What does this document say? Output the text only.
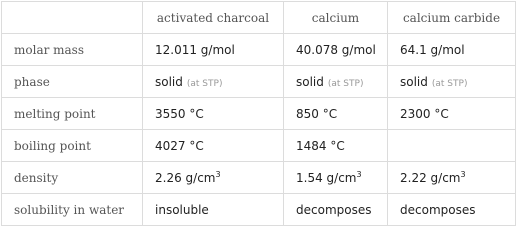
	activated charcoal	calcium	calcium carbide
molar mass	12.011 g/mol	40.078 g/mol	64.1 g/mol
phase	solid (at STP)	solid (at STP)	solid (at STP)
melting point	3550 °C	850 °C	2300 °C
boiling point	4027 °C	1484 °C	
density	2.26 $g/cm^3$	1.54 $g/cm^3$	2.22 $g/cm^3$
solubility in water	insoluble	decomposes	decomposes
